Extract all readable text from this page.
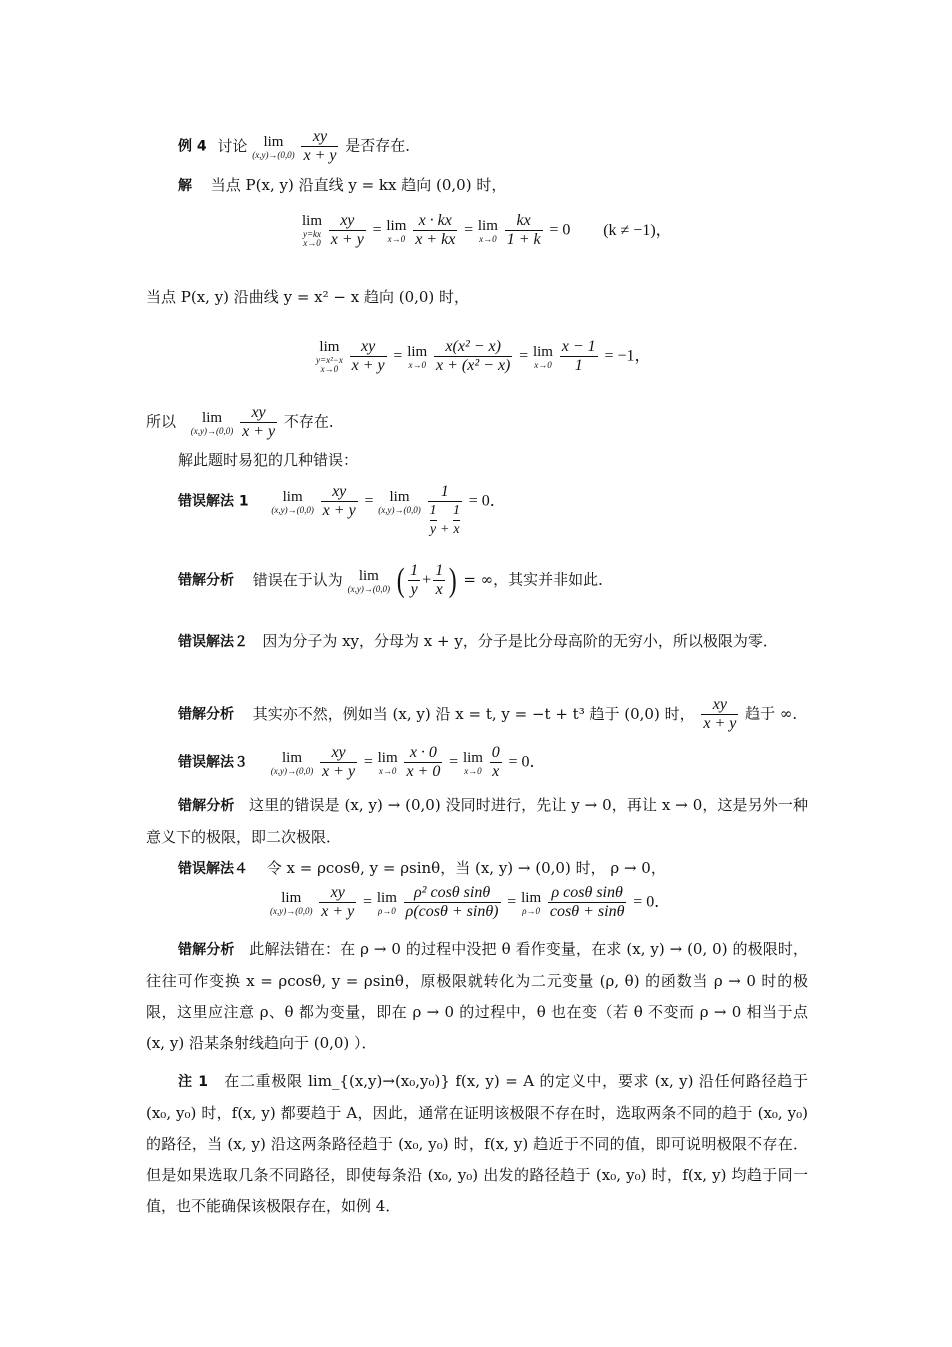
例 4 讨论 lim
(x,y)→(0,0)
$\frac{xy}{x + y}$ 是否存在．
解 当点 P(x, y) 沿直线 y = kx 趋向 (0,0) 时，
lim
y=kx
x→0
$\frac{xy}{x + y} = \lim$
x→0
$\frac{x \cdot kx}{x + kx} = \lim$
x→0
$\frac{kx}{1 + k} = 0$ (k ≠ −1)，
当点 P(x, y) 沿曲线 y = x² − x 趋向 (0,0) 时，
lim
y=x²−x
x→0
$\frac{xy}{x + y} = \lim$
x→0
$\frac{\text{x(x² − x)}}{\text{x + (x² − x)}} = \lim$
x→0
$\frac{x - 1}{1} = -1$，
所以 lim
(x,y)→(0,0)
$\frac{xy}{x + y}$ 不存在．
解此题时易犯的几种错误：
错误解法 1 lim
(x,y)→(0,0)
$\frac{xy}{x + y} = \lim$
(x,y)→(0,0)
1
1
y +
1
x = 0．
错解分析 错误在于认为 lim
(x,y)→(0,0) ( $\frac{1}{y} + \frac{1}{x}$ ) = ∞，其实并非如此．
错误解法２ 因为分子为 xy，分母为 x + y，分子是比分母高阶的无穷小，所以极限为零．
错解分析 其实亦不然，例如当 (x, y) 沿 x = t, y = −t + t³ 趋于 (0,0) 时， $\frac{xy}{x + y}$ 趋于 ∞．
错误解法３ lim
(x,y)→(0,0)
$\frac{xy}{x + y} = \lim$
x→0
$\frac{x \cdot 0}{x + 0} = \lim$
x→0
$\frac{0}{x} = 0$．
错解分析 这里的错误是 (x, y) → (0,0) 没同时进行，先让 y → 0，再让 x → 0，这是另外一种意义下的极限，即二次极限．
错误解法４ 令 x = ρcosθ, y = ρsinθ，当 (x, y) → (0,0) 时， ρ → 0，
lim
(x,y)→(0,0)
$\frac{xy}{x + y} = \lim$
ρ→0
$\frac{\text{ρ² cosθ sinθ}}{\rho(\cos\theta + \sin\theta)} = \lim$
ρ→0
$\frac{\text{ρ cosθ sinθ}}{\cos\theta + \sin\theta} = 0$．
错解分析 此解法错在：在 ρ → 0 的过程中没把 θ 看作变量，在求 (x, y) → (0, 0) 的极限时，往往可作变换 x = ρcosθ, y = ρsinθ，原极限就转化为二元变量 (ρ, θ) 的函数当 ρ → 0 时的极限，这里应注意 ρ、θ 都为变量，即在 ρ → 0 的过程中，θ 也在变（若 θ 不变而 ρ → 0 相当于点 (x, y) 沿某条射线趋向于 (0,0) ）．
注 1 在二重极限 lim_{(x,y)→(x₀,y₀)} f(x, y) = A 的定义中，要求 (x, y) 沿任何路径趋于 (x₀, y₀) 时，f(x, y) 都要趋于 A，因此，通常在证明该极限不存在时，选取两条不同的趋于 (x₀, y₀) 的路径，当 (x, y) 沿这两条路径趋于 (x₀, y₀) 时，f(x, y) 趋近于不同的值，即可说明极限不存在．但是如果选取几条不同路径，即使每条沿 (x₀, y₀) 出发的路径趋于 (x₀, y₀) 时，f(x, y) 均趋于同一值，也不能确保该极限存在，如例 4．
